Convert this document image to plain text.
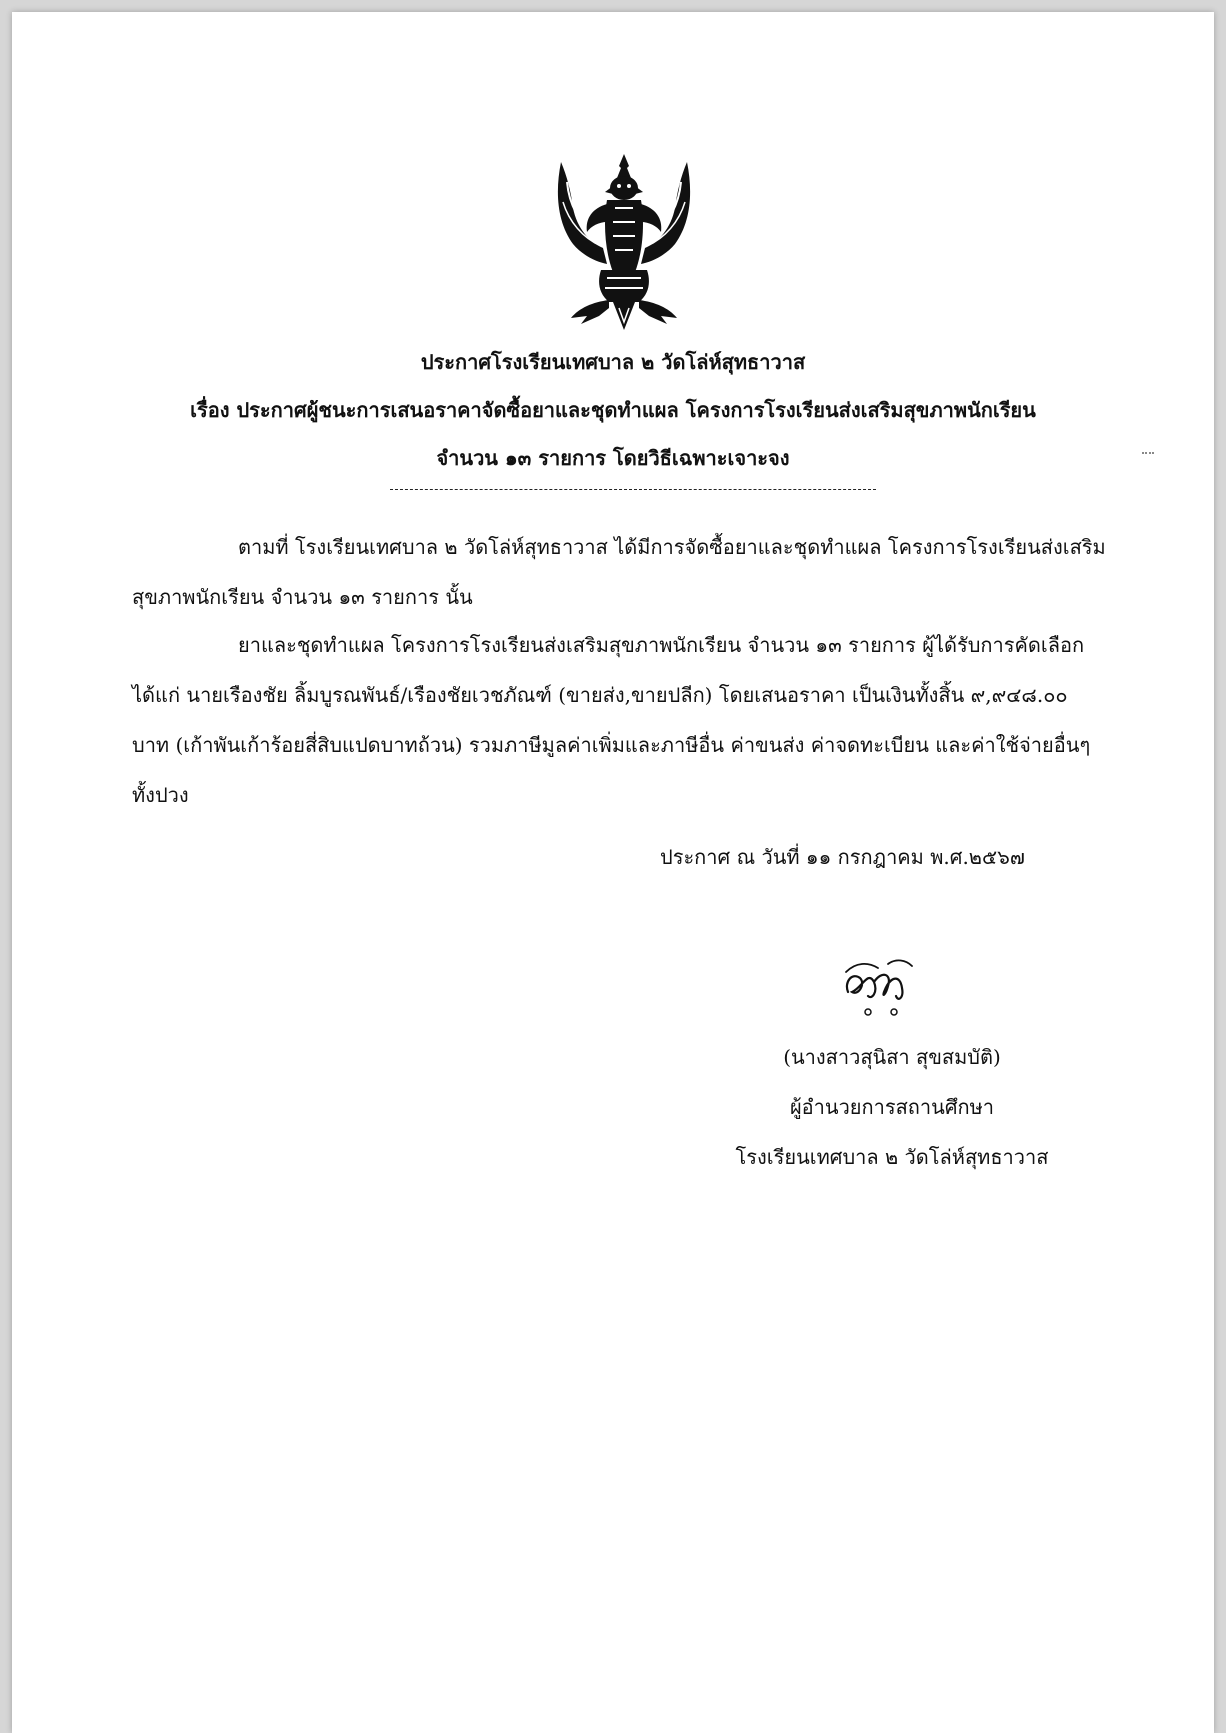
ประกาศโรงเรียนเทศบาล ๒ วัดโล่ห์สุทธาวาส
เรื่อง ประกาศผู้ชนะการเสนอราคาจัดซื้อยาและชุดทำแผล โครงการโรงเรียนส่งเสริมสุขภาพนักเรียน
จำนวน ๑๓ รายการ โดยวิธีเฉพาะเจาะจง
ตามที่ โรงเรียนเทศบาล ๒ วัดโล่ห์สุทธาวาส ได้มีการจัดซื้อยาและชุดทำแผล โครงการโรงเรียนส่งเสริม
สุขภาพนักเรียน จำนวน ๑๓ รายการ นั้น
ยาและชุดทำแผล โครงการโรงเรียนส่งเสริมสุขภาพนักเรียน จำนวน ๑๓ รายการ ผู้ได้รับการคัดเลือก
ได้แก่ นายเรืองชัย ลิ้มบูรณพันธ์/เรืองชัยเวชภัณฑ์ (ขายส่ง,ขายปลีก) โดยเสนอราคา เป็นเงินทั้งสิ้น ๙,๙๔๘.๐๐
บาท (เก้าพันเก้าร้อยสี่สิบแปดบาทถ้วน) รวมภาษีมูลค่าเพิ่มและภาษีอื่น ค่าขนส่ง ค่าจดทะเบียน และค่าใช้จ่ายอื่นๆ
ทั้งปวง
ประกาศ ณ วันที่ ๑๑ กรกฎาคม พ.ศ.๒๕๖๗
(นางสาวสุนิสา สุขสมบัติ)
ผู้อำนวยการสถานศึกษา
โรงเรียนเทศบาล ๒ วัดโล่ห์สุทธาวาส
